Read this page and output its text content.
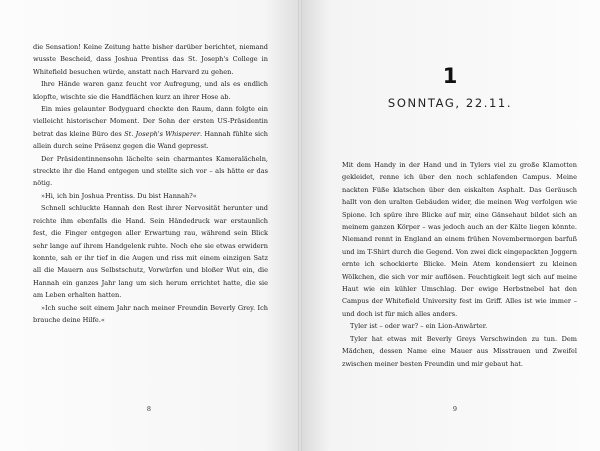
die Sensation! Keine Zeitung hatte bisher darüber berichtet, niemand wusste Bescheid, dass Joshua Prentiss das St. Joseph's College in Whitefield besuchen würde, anstatt nach Harvard zu gehen.

Ihre Hände waren ganz feucht vor Aufregung, und als es endlich klopfte, wischte sie die Handflächen kurz an ihrer Hose ab.

Ein mies gelaunter Bodyguard checkte den Raum, dann folgte ein vielleicht historischer Moment. Der Sohn der ersten US-Präsidentin betrat das kleine Büro des St. Joseph's Whisperer. Hannah fühlte sich allein durch seine Präsenz gegen die Wand gepresst.

Der Präsidentinnensohn lächelte sein charmantes Kameralächeln, streckte ihr die Hand entgegen und stellte sich vor – als hätte er das nötig.

»Hi, ich bin Joshua Prentiss. Du bist Hannah?«

Schnell schluckte Hannah den Rest ihrer Nervosität herunter und reichte ihm ebenfalls die Hand. Sein Händedruck war erstaunlich fest, die Finger entgegen aller Erwartung rau, während sein Blick sehr lange auf ihrem Handgelenk ruhte. Noch ehe sie etwas erwidern konnte, sah er ihr tief in die Augen und riss mit einem einzigen Satz all die Mauern aus Selbstschutz, Vorwürfen und bloßer Wut ein, die Hannah ein ganzes Jahr lang um sich herum errichtet hatte, die sie am Leben erhalten hatten.

»Ich suche seit einem Jahr nach meiner Freundin Beverly Grey. Ich brauche deine Hilfe.«

1
SONNTAG, 22.11.

Mit dem Handy in der Hand und in Tylers viel zu große Klamotten gekleidet, renne ich über den noch schlafenden Campus. Meine nackten Füße klatschen über den eiskalten Asphalt. Das Geräusch hallt von den uralten Gebäuden wider, die meinen Weg verfolgen wie Spione. Ich spüre ihre Blicke auf mir, eine Gänsehaut bildet sich an meinem ganzen Körper – was jedoch auch an der Kälte liegen könnte. Niemand rennt in England an einem frühen Novembermorgen barfuß und im T-Shirt durch die Gegend. Von zwei dick eingepackten Joggern ernte ich schockierte Blicke. Mein Atem kondensiert zu kleinen Wölkchen, die sich vor mir auflösen. Feuchtigkeit legt sich auf meine Haut wie ein kühler Umschlag. Der ewige Herbstnebel hat den Campus der Whitefield University fest im Griff. Alles ist wie immer – und doch ist für mich alles anders.

Tyler ist – oder war? – ein Lion-Anwärter.

Tyler hat etwas mit Beverly Greys Verschwinden zu tun. Dem Mädchen, dessen Name eine Mauer aus Misstrauen und Zweifel zwischen meiner besten Freundin und mir gebaut hat.

8	9
